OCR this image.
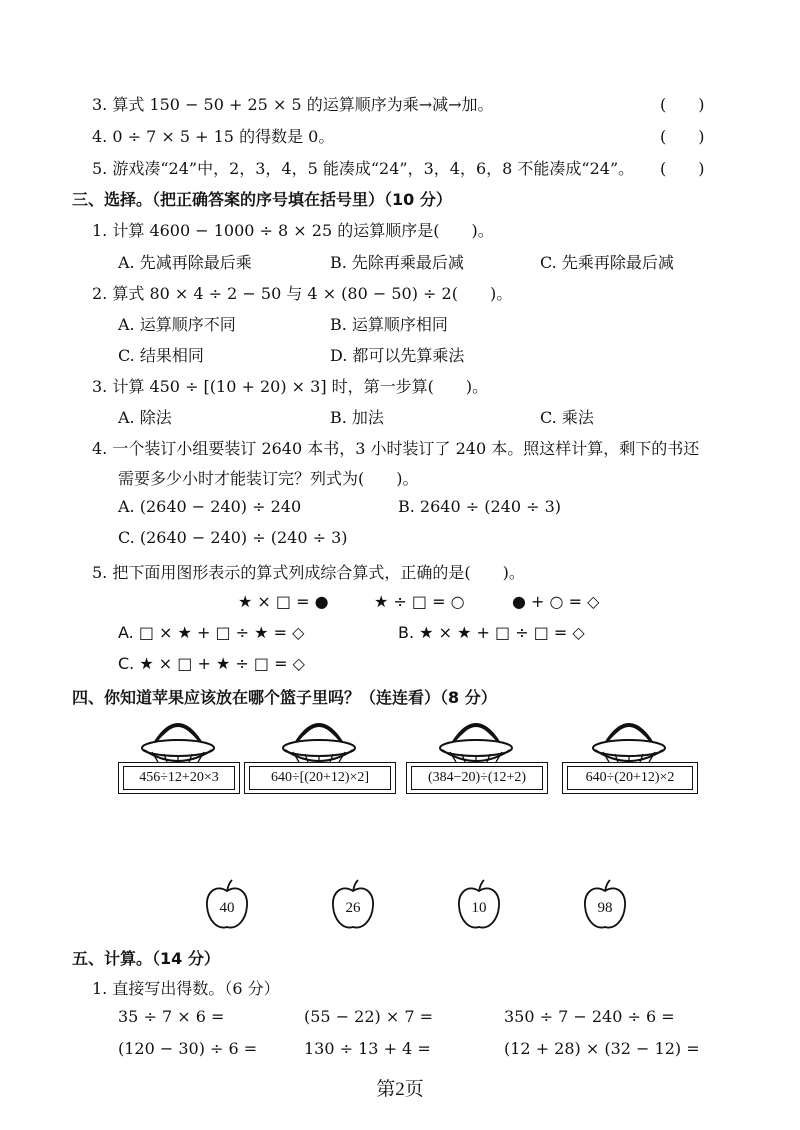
3. 算式 150 − 50 + 25 × 5 的运算顺序为乘→减→加。	(　　)
4. 0 ÷ 7 × 5 + 15 的得数是 0。	(　　)
5. 游戏凑“24”中，2，3，4，5 能凑成“24”，3，4，6，8 不能凑成“24”。 (　　)
三、选择。（把正确答案的序号填在括号里）（10 分）
1. 计算 4600 − 1000 ÷ 8 × 25 的运算顺序是(　　)。
A. 先减再除最后乘	B. 先除再乘最后减	C. 先乘再除最后减
2. 算式 80 × 4 ÷ 2 − 50 与 4 × (80 − 50) ÷ 2(　　)。
A. 运算顺序不同	B. 运算顺序相同
C. 结果相同	D. 都可以先算乘法
3. 计算 450 ÷ [(10 + 20) × 3] 时，第一步算(　　)。
A. 除法	B. 加法	C. 乘法
4. 一个装订小组要装订 2640 本书，3 小时装订了 240 本。照这样计算，剩下的书还
需要多少小时才能装订完？列式为(　　)。
A. (2640 − 240) ÷ 240	B. 2640 ÷ (240 ÷ 3)
C. (2640 − 240) ÷ (240 ÷ 3)
5. 把下面用图形表示的算式列成综合算式，正确的是(　　)。
★ × □ = ●	★ ÷ □ = ○	● + ○ = ◇
A. □ × ★ + □ ÷ ★ = ◇	B. ★ × ★ + □ ÷ □ = ◇
C. ★ × □ + ★ ÷ □ = ◇
四、你知道苹果应该放在哪个篮子里吗？（连连看）（8 分）
456÷12+20×3	640÷[(20+12)×2]	(384−20)÷(12+2)	640÷(20+12)×2
40	26	10	98
五、计算。（14 分）
1. 直接写出得数。（6 分）
35 ÷ 7 × 6 =	(55 − 22) × 7 =	350 ÷ 7 − 240 ÷ 6 =
(120 − 30) ÷ 6 =	130 ÷ 13 + 4 =	(12 + 28) × (32 − 12) =
第2页
